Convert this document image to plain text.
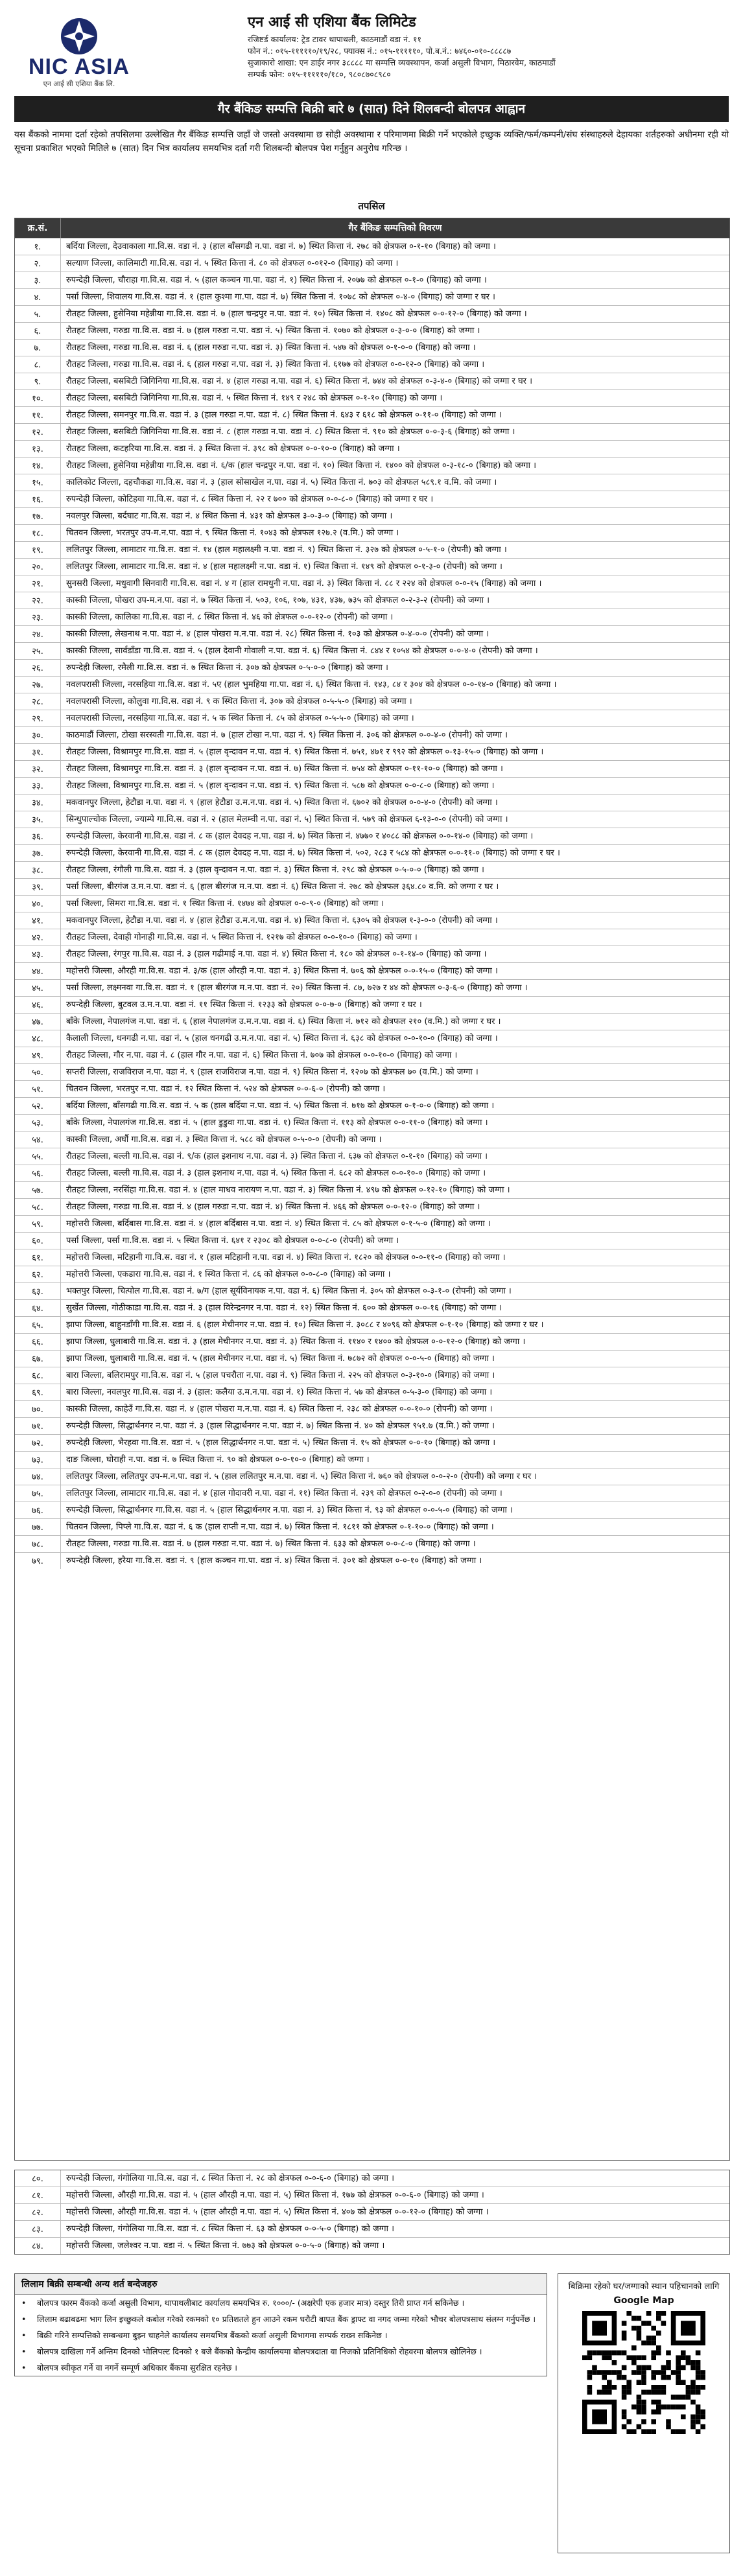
NIC ASIA
एन आई सी एशिया बैंक लि.
एन आई सी एशिया बैंक लिमिटेड
रजिष्टर्ड कार्यालय: ट्रेड टावर थापाथली, काठमाडौं वडा नं. ११
फोन नं.: ०१५-१११११०/१९/२८, फ्याक्स नं.: ०१५-१११११०, पो.ब.नं.: ७४६०-०१०-८८८८७
सुजाकारो शाखा: एन डाईर नगर ३८८८८ मा सम्पत्ति व्यवस्थापन, कर्जा असुली विभाग, मिठारवेम, काठमाडौं
सम्पर्क फोन: ०१५-१११११०/१८०, ९८०८७०८९८०
गैर बैंकिङ सम्पत्ति बिक्री बारे ७ (सात) दिने शिलबन्दी बोलपत्र आह्वान
यस बैंकको नाममा दर्ता रहेको तपसिलमा उल्लेखित गैर बैंकिङ सम्पत्ति जहाँ जे जस्तो अवस्थामा छ सोही अवस्थामा र परिमाणमा बिक्री गर्ने भएकोले इच्छुक व्यक्ति/फर्म/कम्पनी/संघ संस्थाहरुले देहायका शर्तहरुको अधीनमा रही यो सूचना प्रकाशित भएको मितिले ७ (सात) दिन भित्र कार्यालय समयभित्र दर्ता गरी शिलबन्दी बोलपत्र पेश गर्नुहुन अनुरोध गरिन्छ ।
तपसिल
क्र.सं.	गैर बैंकिङ सम्पत्तिको विवरण
१.	बर्दिया जिल्ला, देउवाकाला गा.वि.स. वडा नं. ३ (हाल बाँसगढी न.पा. वडा नं. ७) स्थित कित्ता नं. २७८ को क्षेत्रफल ०-१-१० (बिगाह) को जग्गा ।
२.	सल्याण जिल्ला, कालिमाटी गा.वि.स. वडा नं. ५ स्थित कित्ता नं. ८० को क्षेत्रफल ०-०१२-० (बिगाह) को जग्गा ।
३.	रुपन्देही जिल्ला, चौराहा गा.वि.स. वडा नं. ५ (हाल कञ्चन गा.पा. वडा नं. १) स्थित कित्ता नं. २०७७ को क्षेत्रफल ०-१-० (बिगाह) को जग्गा ।
४.	पर्सा जिल्ला, शिवालय गा.वि.स. वडा नं. १ (हाल कुश्मा गा.पा. वडा नं. ७) स्थित कित्ता नं. १०७८ को क्षेत्रफल ०-४-० (बिगाह) को जग्गा र घर ।
५.	रौतहट जिल्ला, हुसेनिया महेन्नीया गा.वि.स. वडा नं. ७ (हाल चन्द्रपुर न.पा. वडा नं. १०) स्थित कित्ता नं. १४०८ को क्षेत्रफल ०-०-१२-० (बिगाह) को जग्गा ।
६.	रौतहट जिल्ला, गरुडा गा.वि.स. वडा नं. ७ (हाल गरुडा न.पा. वडा नं. ५) स्थित कित्ता नं. १०७० को क्षेत्रफल ०-३-०-० (बिगाह) को जग्गा ।
७.	रौतहट जिल्ला, गरुडा गा.वि.स. वडा नं. ६ (हाल गरुडा न.पा. वडा नं. ३) स्थित कित्ता नं. ५४७ को क्षेत्रफल ०-१-०-० (बिगाह) को जग्गा ।
८.	रौतहट जिल्ला, गरुडा गा.वि.स. वडा नं. ६ (हाल गरुडा न.पा. वडा नं. ३) स्थित कित्ता नं. ६१७७ को क्षेत्रफल ०-०-१२-० (बिगाह) को जग्गा ।
९.	रौतहट जिल्ला, बसबिटी जिगिनिया गा.वि.स. वडा नं. ४ (हाल गरुडा न.पा. वडा नं. ६) स्थित कित्ता नं. ७४४ को क्षेत्रफल ०-३-४-० (बिगाह) को जग्गा र घर ।
१०.	रौतहट जिल्ला, बसबिटी जिगिनिया गा.वि.स. वडा नं. ५ स्थित कित्ता नं. १४९ र २४८ को क्षेत्रफल ०-१-१० (बिगाह) को जग्गा ।
११.	रौतहट जिल्ला, समनपुर गा.वि.स. वडा नं. ३ (हाल गरुडा न.पा. वडा नं. ८) स्थित कित्ता नं. ६४३ र ६१८ को क्षेत्रफल ०-११-० (बिगाह) को जग्गा ।
१२.	रौतहट जिल्ला, बसबिटी जिगिनिया गा.वि.स. वडा नं. ८ (हाल गरुडा न.पा. वडा नं. ८) स्थित कित्ता नं. ९१० को क्षेत्रफल ०-०-३-६ (बिगाह) को जग्गा ।
१३.	रौतहट जिल्ला, कटहरिया गा.वि.स. वडा नं. ३ स्थित कित्ता नं. ३९८ को क्षेत्रफल ०-०-१०-० (बिगाह) को जग्गा ।
१४.	रौतहट जिल्ला, हुसेनिया महेन्नीया गा.वि.स. वडा नं. ६/क (हाल चन्द्रपुर न.पा. वडा नं. १०) स्थित कित्ता नं. १४०० को क्षेत्रफल ०-३-१८-० (बिगाह) को जग्गा ।
१५.	कालिकोट जिल्ला, दहचौकडा गा.वि.स. वडा नं. ३ (हाल सोसाखेल न.पा. वडा नं. ५) स्थित कित्ता नं. ७०३ को क्षेत्रफल ५८९.१ व.मि. को जग्गा ।
१६.	रुपन्देही जिल्ला, कोटिहवा गा.वि.स. वडा नं. ८ स्थित कित्ता नं. २२ र ७०० को क्षेत्रफल ०-०-८-० (बिगाह) को जग्गा र घर ।
१७.	नवलपुर जिल्ला, बर्दघाट गा.वि.स. वडा नं. ४ स्थित कित्ता नं. ४३१ को क्षेत्रफल ३-०-३-० (बिगाह) को जग्गा ।
१८.	चितवन जिल्ला, भरतपुर उप-म.न.पा. वडा नं. ९ स्थित कित्ता नं. १०४३ को क्षेत्रफल १२७.२ (व.मि.) को जग्गा ।
१९.	ललितपुर जिल्ला, लामाटार गा.वि.स. वडा नं. १४ (हाल महालक्ष्मी न.पा. वडा नं. ९) स्थित कित्ता नं. ३२७ को क्षेत्रफल ०-५-१-० (रोपनी) को जग्गा ।
२०.	ललितपुर जिल्ला, लामाटार गा.वि.स. वडा नं. ४ (हाल महालक्ष्मी न.पा. वडा नं. १) स्थित कित्ता नं. १४९ को क्षेत्रफल ०-१-३-० (रोपनी) को जग्गा ।
२१.	सुनसरी जिल्ला, मधुवागी सिनवारी गा.वि.स. वडा नं. ४ ग (हाल रामधुनी न.पा. वडा नं. ३) स्थित कित्ता नं. ८८ र २२४ को क्षेत्रफल ०-०-१५ (बिगाह) को जग्गा ।
२२.	कास्की जिल्ला, पोखरा उप-म.न.पा. वडा नं. ७ स्थित कित्ता नं. ५०३, १०६, १०७, ४३१, ४३७, ७३५ को क्षेत्रफल ०-२-३-२ (रोपनी) को जग्गा ।
२३.	कास्की जिल्ला, कालिका गा.वि.स. वडा नं. ८ स्थित कित्ता नं. ४६ को क्षेत्रफल ०-०-१२-० (रोपनी) को जग्गा ।
२४.	कास्की जिल्ला, लेखनाथ न.पा. वडा नं. ४ (हाल पोखरा म.न.पा. वडा नं. २८) स्थित कित्ता नं. १०३ को क्षेत्रफल ०-४-०-० (रोपनी) को जग्गा ।
२५.	कास्की जिल्ला, सार्वडाँडा गा.वि.स. वडा नं. ५ (हाल देवानी गोवाली न.पा. वडा नं. ६) स्थित कित्ता नं. ८४४ र १०५४ को क्षेत्रफल ०-०-४-० (रोपनी) को जग्गा ।
२६.	रुपन्देही जिल्ला, रमैली गा.वि.स. वडा नं. ७ स्थित कित्ता नं. ३०७ को क्षेत्रफल ०-५-०-० (बिगाह) को जग्गा ।
२७.	नवलपरासी जिल्ला, नरसहिया गा.वि.स. वडा नं. ५ए (हाल भुमहिया गा.पा. वडा नं. ६) स्थित कित्ता नं. १४३, ८४ र ३०४ को क्षेत्रफल ०-०-१४-० (बिगाह) को जग्गा ।
२८.	नवलपरासी जिल्ला, कोलुवा गा.वि.स. वडा नं. ९ क स्थित कित्ता नं. ३०७ को क्षेत्रफल ०-५-५-० (बिगाह) को जग्गा ।
२९.	नवलपरासी जिल्ला, नरसहिया गा.वि.स. वडा नं. ५ क स्थित कित्ता नं. ८५ को क्षेत्रफल ०-५-५-० (बिगाह) को जग्गा ।
३०.	काठमाडौं जिल्ला, टोखा सरस्वती गा.वि.स. वडा नं. ७ (हाल टोखा न.पा. वडा नं. ९) स्थित कित्ता नं. ३०६ को क्षेत्रफल ०-०-४-० (रोपनी) को जग्गा ।
३१.	रौतहट जिल्ला, विश्रामपुर गा.वि.स. वडा नं. ५ (हाल वृन्दावन न.पा. वडा नं. ९) स्थित कित्ता नं. ७५१, ४७१ र ९९२ को क्षेत्रफल ०-१३-१५-० (बिगाह) को जग्गा ।
३२.	रौतहट जिल्ला, विश्रामपुर गा.वि.स. वडा नं. ३ (हाल वृन्दावन न.पा. वडा नं. ७) स्थित कित्ता नं. ७५४ को क्षेत्रफल ०-११-१०-० (बिगाह) को जग्गा ।
३३.	रौतहट जिल्ला, विश्रामपुर गा.वि.स. वडा नं. ५ (हाल वृन्दावन न.पा. वडा नं. ९) स्थित कित्ता नं. ५८७ को क्षेत्रफल ०-०-८-० (बिगाह) को जग्गा ।
३४.	मकवानपुर जिल्ला, हेटौडा न.पा. वडा नं. ९ (हाल हेटौडा उ.म.न.पा. वडा नं. ५) स्थित कित्ता नं. ६७०२ को क्षेत्रफल ०-०-४-० (रोपनी) को जग्गा ।
३५.	सिन्धुपाल्चोक जिल्ला, ज्याम्पे गा.वि.स. वडा नं. २ (हाल मेलम्ची न.पा. वडा नं. ५) स्थित कित्ता नं. ५७९ को क्षेत्रफल ६-१३-०-० (रोपनी) को जग्गा ।
३६.	रुपन्देही जिल्ला, केरवानी गा.वि.स. वडा नं. ८ क (हाल देवदह न.पा. वडा नं. ७) स्थित कित्ता नं. ४७७० र ४०८८ को क्षेत्रफल ०-०-१४-० (बिगाह) को जग्गा ।
३७.	रुपन्देही जिल्ला, केरवानी गा.वि.स. वडा नं. ८ क (हाल देवदह न.पा. वडा नं. ७) स्थित कित्ता नं. ५०२, २८३ र ५८४ को क्षेत्रफल ०-०-११-० (बिगाह) को जग्गा र घर ।
३८.	रौतहट जिल्ला, रंगौली गा.वि.स. वडा नं. ३ (हाल वृन्दावन न.पा. वडा नं. ३) स्थित कित्ता नं. २९८ को क्षेत्रफल ०-५-०-० (बिगाह) को जग्गा ।
३९.	पर्सा जिल्ला, बीरगंज उ.म.न.पा. वडा नं. ६ (हाल बीरगंज म.न.पा. वडा नं. ६) स्थित कित्ता नं. २७८ को क्षेत्रफल ३६४.८० व.मि. को जग्गा र घर ।
४०.	पर्सा जिल्ला, सिमरा गा.वि.स. वडा नं. १ स्थित कित्ता नं. १४७४ को क्षेत्रफल ०-०-९-० (बिगाह) को जग्गा ।
४१.	मकवानपुर जिल्ला, हेटौडा न.पा. वडा नं. ४ (हाल हेटौडा उ.म.न.पा. वडा नं. ४) स्थित कित्ता नं. ६३०५ को क्षेत्रफल १-३-०-० (रोपनी) को जग्गा ।
४२.	रौतहट जिल्ला, देवाही गोनाही गा.वि.स. वडा नं. ५ स्थित कित्ता नं. १२१७ को क्षेत्रफल ०-०-१०-० (बिगाह) को जग्गा ।
४३.	रौतहट जिल्ला, रंगपुर गा.वि.स. वडा नं. ३ (हाल गढीमाई न.पा. वडा नं. ४) स्थित कित्ता नं. १८० को क्षेत्रफल ०-१-१४-० (बिगाह) को जग्गा ।
४४.	महोत्तरी जिल्ला, औरही गा.वि.स. वडा नं. ३/क (हाल औरही न.पा. वडा नं. ३) स्थित कित्ता नं. ७०६ को क्षेत्रफल ०-०-१५-० (बिगाह) को जग्गा ।
४५.	पर्सा जिल्ला, लक्ष्मनवा गा.वि.स. वडा नं. १ (हाल बीरगंज म.न.पा. वडा नं. २०) स्थित कित्ता नं. ८७, ७२७ र ४४ को क्षेत्रफल ०-३-६-० (बिगाह) को जग्गा ।
४६.	रुपन्देही जिल्ला, बुटवल उ.म.न.पा. वडा नं. ११ स्थित कित्ता नं. १२३३ को क्षेत्रफल ०-०-७-० (बिगाह) को जग्गा र घर ।
४७.	बाँके जिल्ला, नेपालगंज न.पा. वडा नं. ६ (हाल नेपालगंज उ.म.न.पा. वडा नं. ६) स्थित कित्ता नं. ७१२ को क्षेत्रफल २१० (व.मि.) को जग्गा र घर ।
४८.	कैलाली जिल्ला, धनगढी न.पा. वडा नं. ५ (हाल धनगढी उ.म.न.पा. वडा नं. ५) स्थित कित्ता नं. ६३८ को क्षेत्रफल ०-०-१०-० (बिगाह) को जग्गा ।
४९.	रौतहट जिल्ला, गौर न.पा. वडा नं. ८ (हाल गौर न.पा. वडा नं. ६) स्थित कित्ता नं. ७०७ को क्षेत्रफल ०-०-१०-० (बिगाह) को जग्गा ।
५०.	सप्तरी जिल्ला, राजविराज न.पा. वडा नं. ९ (हाल राजविराज न.पा. वडा नं. ९) स्थित कित्ता नं. १२०७ को क्षेत्रफल ७० (व.मि.) को जग्गा ।
५१.	चितवन जिल्ला, भरतपुर न.पा. वडा नं. १२ स्थित कित्ता नं. ५२४ को क्षेत्रफल ०-०-६-० (रोपनी) को जग्गा ।
५२.	बर्दिया जिल्ला, बाँसगढी गा.वि.स. वडा नं. ५ क (हाल बर्दिया न.पा. वडा नं. ५) स्थित कित्ता नं. ७१७ को क्षेत्रफल ०-१-०-० (बिगाह) को जग्गा ।
५३.	बाँके जिल्ला, नेपालगंज गा.वि.स. वडा नं. ५ (हाल डुडुवा गा.पा. वडा नं. १) स्थित कित्ता नं. ११३ को क्षेत्रफल ०-०-११-० (बिगाह) को जग्गा ।
५४.	कास्की जिल्ला, अर्घौ गा.वि.स. वडा नं. ३ स्थित कित्ता नं. ५८८ को क्षेत्रफल ०-५-०-० (रोपनी) को जग्गा ।
५५.	रौतहट जिल्ला, बल्ली गा.वि.स. वडा नं. ९/क (हाल इशनाथ न.पा. वडा नं. ३) स्थित कित्ता नं. ६३७ को क्षेत्रफल ०-१-१० (बिगाह) को जग्गा ।
५६.	रौतहट जिल्ला, बल्ली गा.वि.स. वडा नं. ३ (हाल इशनाथ न.पा. वडा नं. ५) स्थित कित्ता नं. ६८२ को क्षेत्रफल ०-०-१०-० (बिगाह) को जग्गा ।
५७.	रौतहट जिल्ला, नरसिंहा गा.वि.स. वडा नं. ४ (हाल माधव नारायण न.पा. वडा नं. ३) स्थित कित्ता नं. ४९७ को क्षेत्रफल ०-१२-१० (बिगाह) को जग्गा ।
५८.	रौतहट जिल्ला, गरुडा गा.वि.स. वडा नं. ४ (हाल गरुडा न.पा. वडा नं. ४) स्थित कित्ता नं. ४६६ को क्षेत्रफल ०-०-१२-० (बिगाह) को जग्गा ।
५९.	महोत्तरी जिल्ला, बर्दिबास गा.वि.स. वडा नं. ४ (हाल बर्दिबास न.पा. वडा नं. ४) स्थित कित्ता नं. ८५ को क्षेत्रफल ०-१-५-० (बिगाह) को जग्गा ।
६०.	पर्सा जिल्ला, पर्सा गा.वि.स. वडा नं. ५ स्थित कित्ता नं. ६४१ र २३०८ को क्षेत्रफल ०-०-८-० (रोपनी) को जग्गा ।
६१.	महोत्तरी जिल्ला, मटिहानी गा.वि.स. वडा नं. १ (हाल मटिहानी न.पा. वडा नं. ४) स्थित कित्ता नं. १८२० को क्षेत्रफल ०-०-११-० (बिगाह) को जग्गा ।
६२.	महोत्तरी जिल्ला, एकडारा गा.वि.स. वडा नं. १ स्थित कित्ता नं. ८६ को क्षेत्रफल ०-०-८-० (बिगाह) को जग्गा ।
६३.	भक्तपुर जिल्ला, चित्पोल गा.वि.स. वडा नं. ७/ग (हाल सूर्यविनायक न.पा. वडा नं. ६) स्थित कित्ता नं. ३०५ को क्षेत्रफल ०-३-१-० (रोपनी) को जग्गा ।
६४.	सुर्खेत जिल्ला, गोठीकाडा गा.वि.स. वडा नं. ३ (हाल विरेन्द्रनगर न.पा. वडा नं. १२) स्थित कित्ता नं. ६०० को क्षेत्रफल ०-०-१६ (बिगाह) को जग्गा ।
६५.	झापा जिल्ला, बाहुनडाँगी गा.वि.स. वडा नं. ६ (हाल मेचीनगर न.पा. वडा नं. १०) स्थित कित्ता नं. ३०८८ र ४०९६ को क्षेत्रफल ०-१-१० (बिगाह) को जग्गा र घर ।
६६.	झापा जिल्ला, धुलाबारी गा.वि.स. वडा नं. ३ (हाल मेचीनगर न.पा. वडा नं. ३) स्थित कित्ता नं. ११४० र १४०० को क्षेत्रफल ०-०-१२-० (बिगाह) को जग्गा ।
६७.	झापा जिल्ला, धुलाबारी गा.वि.स. वडा नं. ५ (हाल मेचीनगर न.पा. वडा नं. ५) स्थित कित्ता नं. ७८७२ को क्षेत्रफल ०-०-५-० (बिगाह) को जग्गा ।
६८.	बारा जिल्ला, बलिरामपुर गा.वि.स. वडा नं. ५ (हाल पचरौता न.पा. वडा नं. ९) स्थित कित्ता नं. २२५ को क्षेत्रफल ०-३-१०-० (बिगाह) को जग्गा ।
६९.	बारा जिल्ला, नवलपुर गा.वि.स. वडा नं. ३ (हाल: कलैया उ.म.न.पा. वडा नं. १) स्थित कित्ता नं. ५७ को क्षेत्रफल ०-५-३-० (बिगाह) को जग्गा ।
७०.	कास्की जिल्ला, काहेउँ गा.वि.स. वडा नं. ४ (हाल पोखरा म.न.पा. वडा नं. ६) स्थित कित्ता नं. २३८ को क्षेत्रफल ०-०-१०-० (रोपनी) को जग्गा ।
७१.	रुपन्देही जिल्ला, सिद्धार्थनगर न.पा. वडा नं. ३ (हाल सिद्धार्थनगर न.पा. वडा नं. ७) स्थित कित्ता नं. ४० को क्षेत्रफल ९५१.७ (व.मि.) को जग्गा ।
७२.	रुपन्देही जिल्ला, भैरहवा गा.वि.स. वडा नं. ५ (हाल सिद्धार्थनगर न.पा. वडा नं. ५) स्थित कित्ता नं. १५ को क्षेत्रफल ०-०-१० (बिगाह) को जग्गा ।
७३.	दाङ जिल्ला, घोराही न.पा. वडा नं. ७ स्थित कित्ता नं. ९० को क्षेत्रफल ०-०-१०-० (बिगाह) को जग्गा ।
७४.	ललितपुर जिल्ला, ललितपुर उप-म.न.पा. वडा नं. ५ (हाल ललितपुर म.न.पा. वडा नं. ५) स्थित कित्ता नं. ७६० को क्षेत्रफल ०-०-२-० (रोपनी) को जग्गा र घर ।
७५.	ललितपुर जिल्ला, लामाटार गा.वि.स. वडा नं. ४ (हाल गोदावरी न.पा. वडा नं. ११) स्थित कित्ता नं. २३९ को क्षेत्रफल ०-२-०-० (रोपनी) को जग्गा ।
७६.	रुपन्देही जिल्ला, सिद्धार्थनगर गा.वि.स. वडा नं. ५ (हाल सिद्धार्थनगर न.पा. वडा नं. ३) स्थित कित्ता नं. ९३ को क्षेत्रफल ०-०-५-० (बिगाह) को जग्गा ।
७७.	चितवन जिल्ला, पिप्ले गा.वि.स. वडा नं. ६ क (हाल राप्ती न.पा. वडा नं. ७) स्थित कित्ता नं. १८११ को क्षेत्रफल ०-१-१०-० (बिगाह) को जग्गा ।
७८.	रौतहट जिल्ला, गरुडा गा.वि.स. वडा नं. ७ (हाल गरुडा न.पा. वडा नं. ७) स्थित कित्ता नं. ६३३ को क्षेत्रफल ०-०-८-० (बिगाह) को जग्गा ।
७९.	रुपन्देही जिल्ला, हरैया गा.वि.स. वडा नं. ९ (हाल कञ्चन गा.पा. वडा नं. ४) स्थित कित्ता नं. ३०१ को क्षेत्रफल ०-०-१० (बिगाह) को जग्गा ।
८०.	रुपन्देही जिल्ला, गंगोलिया गा.वि.स. वडा नं. ८ स्थित कित्ता नं. २८ को क्षेत्रफल ०-०-६-० (बिगाह) को जग्गा ।
८१.	महोत्तरी जिल्ला, औरही गा.वि.स. वडा नं. ५ (हाल औरही न.पा. वडा नं. ५) स्थित कित्ता नं. १७७ को क्षेत्रफल ०-०-६-० (बिगाह) को जग्गा ।
८२.	महोत्तरी जिल्ला, औरही गा.वि.स. वडा नं. ५ (हाल औरही न.पा. वडा नं. ५) स्थित कित्ता नं. ४०७ को क्षेत्रफल ०-०-१२-० (बिगाह) को जग्गा ।
८३.	रुपन्देही जिल्ला, गंगोलिया गा.वि.स. वडा नं. ८ स्थित कित्ता नं. ६३ को क्षेत्रफल ०-०-५-० (बिगाह) को जग्गा ।
८४.	महोत्तरी जिल्ला, जलेश्वर न.पा. वडा नं. ५ स्थित कित्ता नं. ७७३ को क्षेत्रफल ०-०-५-० (बिगाह) को जग्गा ।
लिलाम बिक्री सम्बन्धी अन्य शर्त बन्देजहरु
• बोलपत्र फारम बैंकको कर्जा असुली विभाग, थापाथलीबाट कार्यालय समयभित्र रु. १०००/- (अक्षरेपी एक हजार मात्र) दस्तुर तिरी प्राप्त गर्न सकिनेछ ।
• लिलाम बढाबढमा भाग लिन इच्छुकले कबोल गरेको रकमको १० प्रतिशतले हुन आउने रकम धरौटी बापत बैंक ड्राफ्ट वा नगद जम्मा गरेको भौचर बोलपत्रसाथ संलग्न गर्नुपर्नेछ ।
• बिक्री गरिने सम्पत्तिको सम्बन्धमा बुझ्न चाहनेले कार्यालय समयभित्र बैंकको कर्जा असुली विभागमा सम्पर्क राख्न सकिनेछ ।
• बोलपत्र दाखिला गर्ने अन्तिम दिनको भोलिपल्ट दिनको १ बजे बैंकको केन्द्रीय कार्यालयमा बोलपत्रदाता वा निजको प्रतिनिधिको रोहवरमा बोलपत्र खोलिनेछ ।
• बोलपत्र स्वीकृत गर्ने वा नगर्ने सम्पूर्ण अधिकार बैंकमा सुरक्षित रहनेछ ।
बिक्रिमा रहेको घर/जग्गाको स्थान पहिचानको लागि
Google Map
